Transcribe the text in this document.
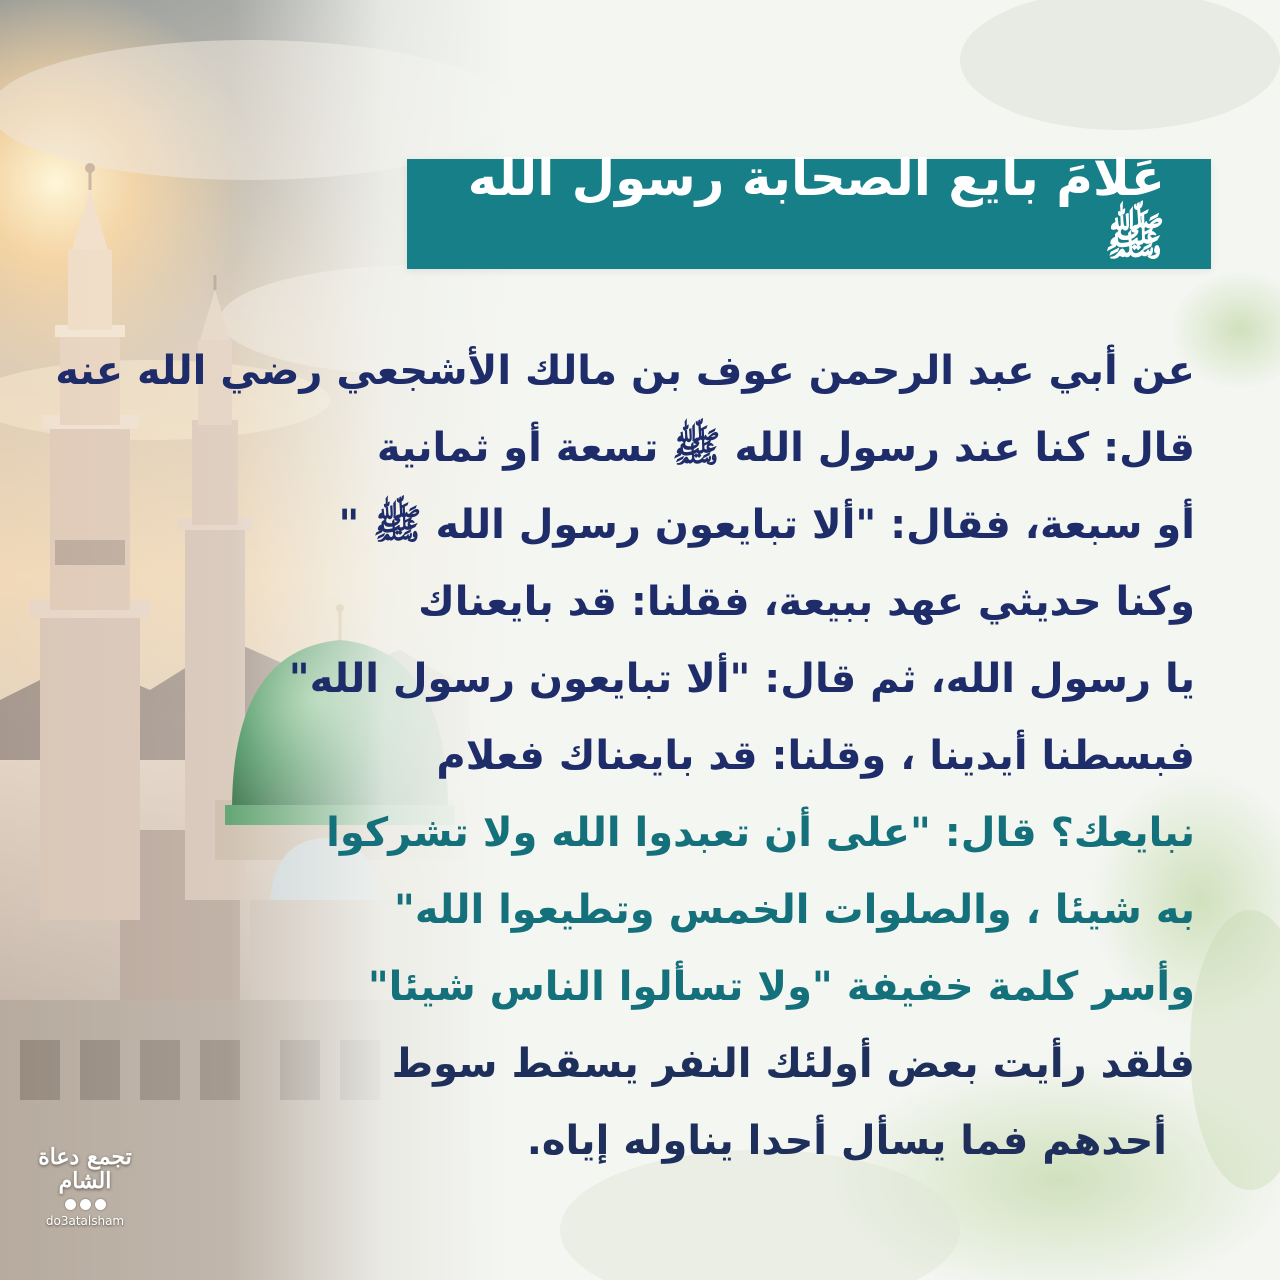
عَلامَ بايع الصحابة رسول الله ﷺ
عن أبي عبد الرحمن عوف بن مالك الأشجعي رضي الله عنه
قال: كنا عند رسول الله ﷺ تسعة أو ثمانية
أو سبعة، فقال: "ألا تبايعون رسول الله ﷺ "
وكنا حديثي عهد ببيعة، فقلنا: قد بايعناك
يا رسول الله، ثم قال: "ألا تبايعون رسول الله"
فبسطنا أيدينا ، وقلنا: قد بايعناك فعلام
نبايعك؟ قال: "على أن تعبدوا الله ولا تشركوا
به شيئا ، والصلوات الخمس وتطيعوا الله"
وأسر كلمة خفيفة "ولا تسألوا الناس شيئا"
فلقد رأيت بعض أولئك النفر يسقط سوط
أحدهم فما يسأل أحدا يناوله إياه.
تجمع دعاة الشام
do3atalsham
